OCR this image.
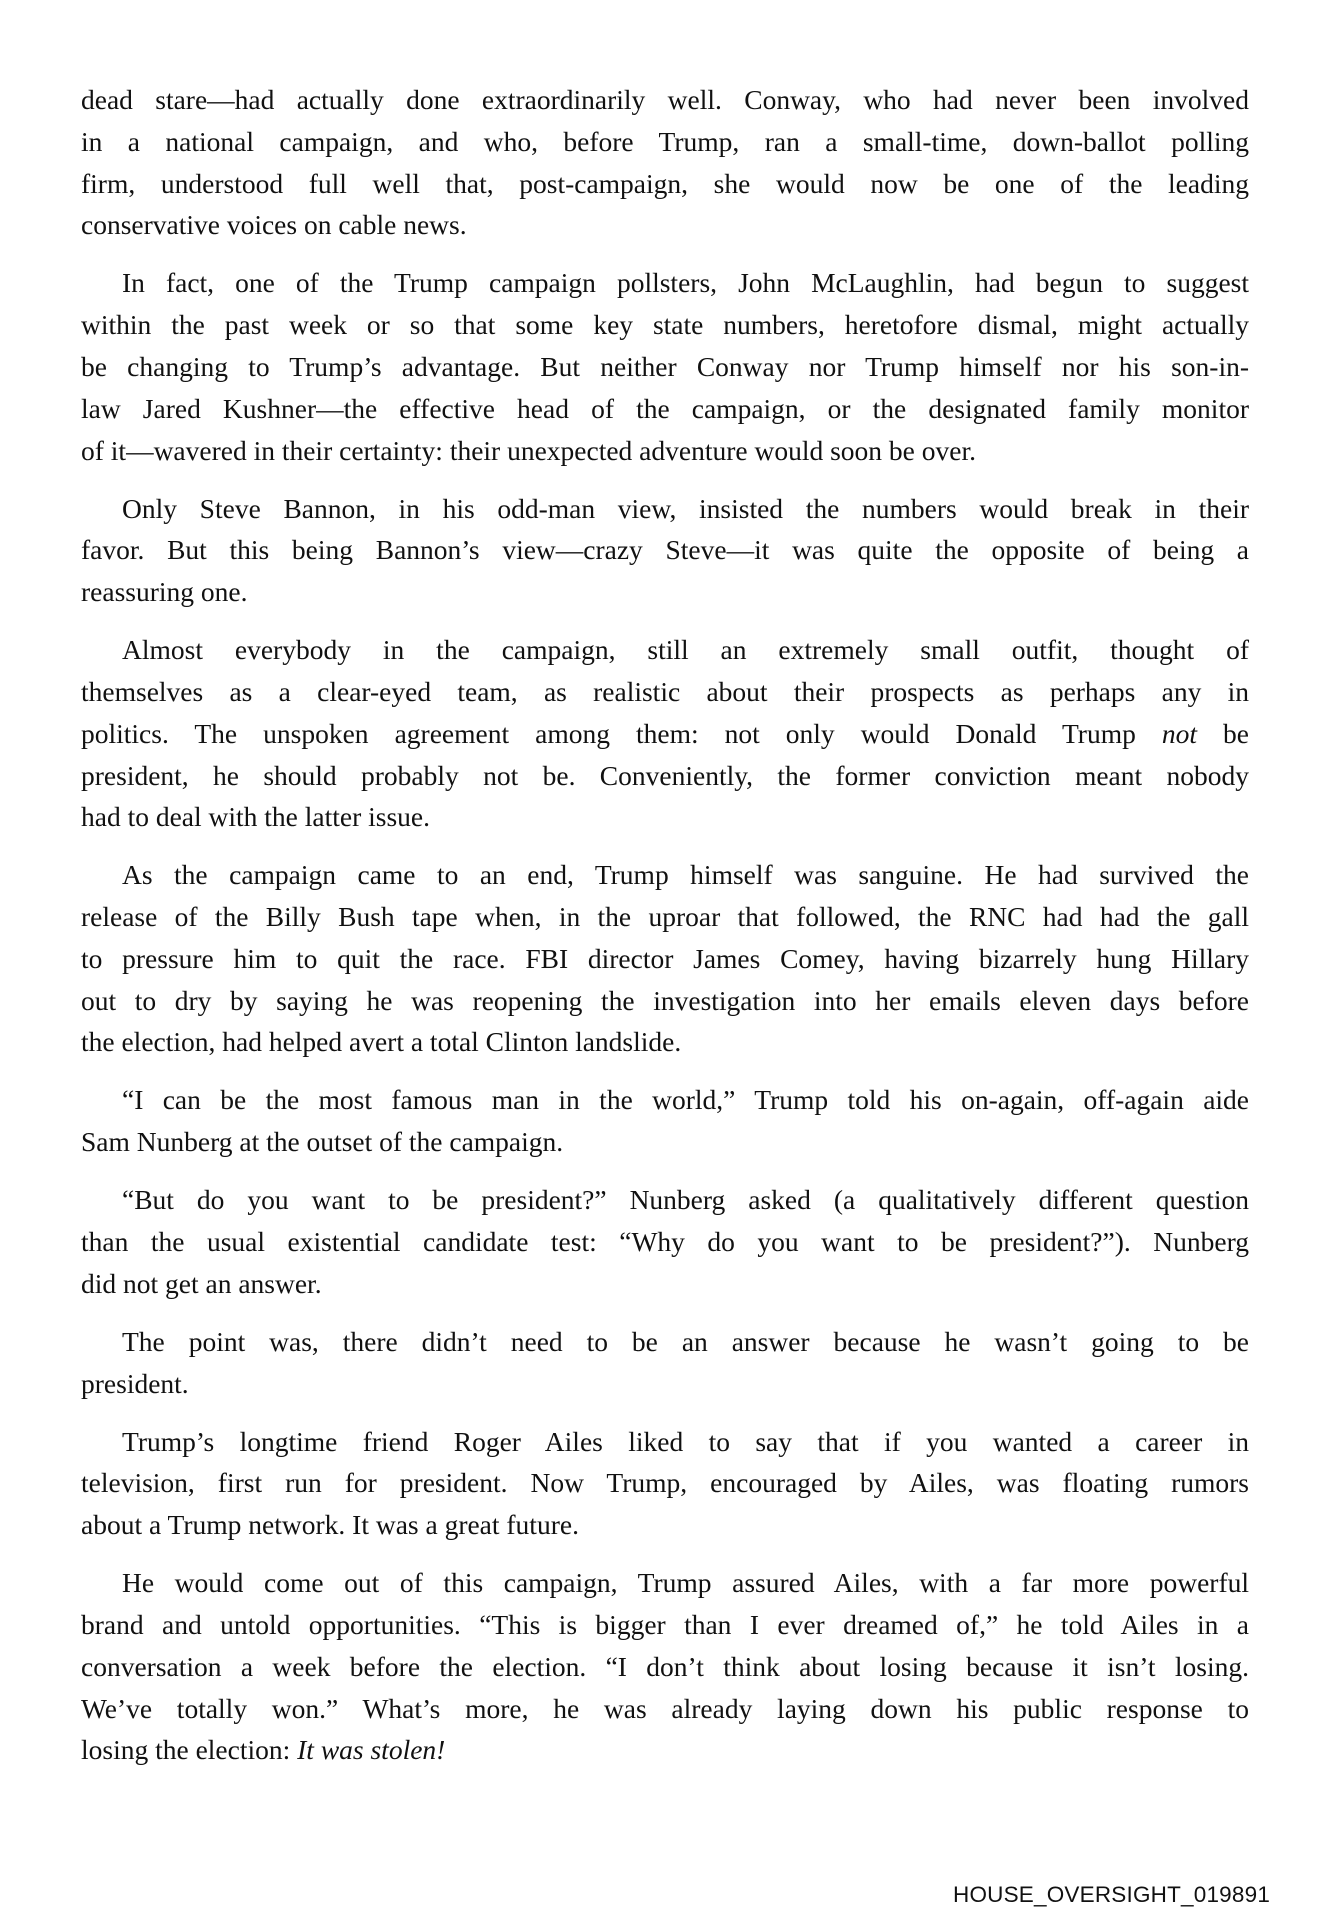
dead stare—had actually done extraordinarily well. Conway, who had never been involved
in a national campaign, and who, before Trump, ran a small-time, down-ballot polling
firm, understood full well that, post-campaign, she would now be one of the leading
conservative voices on cable news.
In fact, one of the Trump campaign pollsters, John McLaughlin, had begun to suggest
within the past week or so that some key state numbers, heretofore dismal, might actually
be changing to Trump’s advantage. But neither Conway nor Trump himself nor his son-in-
law Jared Kushner—the effective head of the campaign, or the designated family monitor
of it—wavered in their certainty: their unexpected adventure would soon be over.
Only Steve Bannon, in his odd-man view, insisted the numbers would break in their
favor. But this being Bannon’s view—crazy Steve—it was quite the opposite of being a
reassuring one.
Almost everybody in the campaign, still an extremely small outfit, thought of
themselves as a clear-eyed team, as realistic about their prospects as perhaps any in
politics. The unspoken agreement among them: not only would Donald Trump not be
president, he should probably not be. Conveniently, the former conviction meant nobody
had to deal with the latter issue.
As the campaign came to an end, Trump himself was sanguine. He had survived the
release of the Billy Bush tape when, in the uproar that followed, the RNC had had the gall
to pressure him to quit the race. FBI director James Comey, having bizarrely hung Hillary
out to dry by saying he was reopening the investigation into her emails eleven days before
the election, had helped avert a total Clinton landslide.
“I can be the most famous man in the world,” Trump told his on-again, off-again aide
Sam Nunberg at the outset of the campaign.
“But do you want to be president?” Nunberg asked (a qualitatively different question
than the usual existential candidate test: “Why do you want to be president?”). Nunberg
did not get an answer.
The point was, there didn’t need to be an answer because he wasn’t going to be
president.
Trump’s longtime friend Roger Ailes liked to say that if you wanted a career in
television, first run for president. Now Trump, encouraged by Ailes, was floating rumors
about a Trump network. It was a great future.
He would come out of this campaign, Trump assured Ailes, with a far more powerful
brand and untold opportunities. “This is bigger than I ever dreamed of,” he told Ailes in a
conversation a week before the election. “I don’t think about losing because it isn’t losing.
We’ve totally won.” What’s more, he was already laying down his public response to
losing the election: It was stolen!
HOUSE_OVERSIGHT_019891
